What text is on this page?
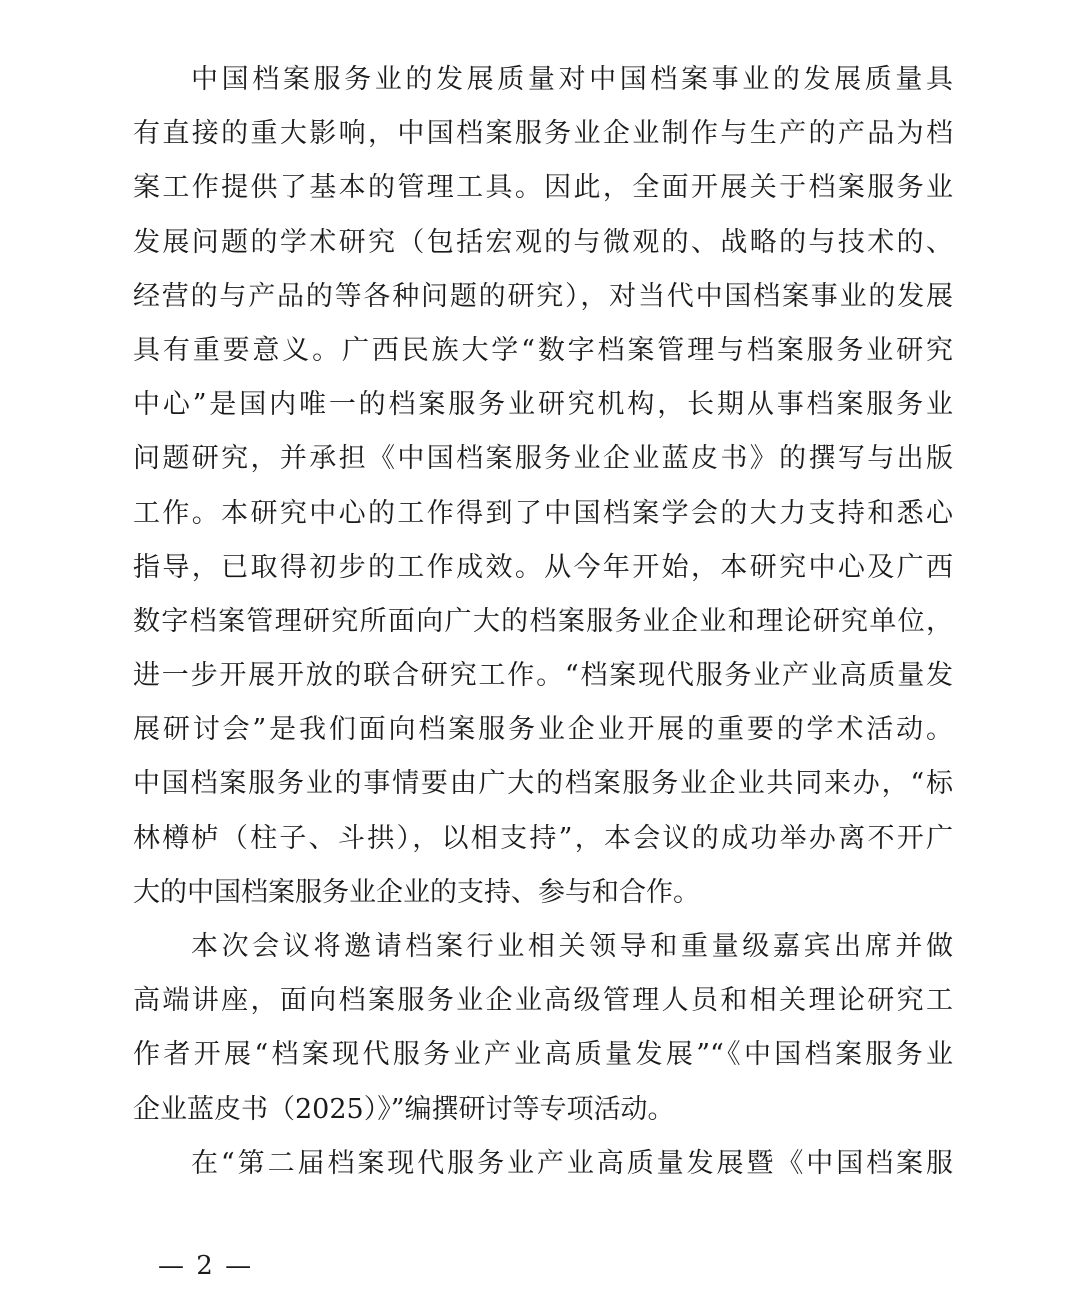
中国档案服务业的发展质量对中国档案事业的发展质量具
有直接的重大影响，中国档案服务业企业制作与生产的产品为档
案工作提供了基本的管理工具。因此，全面开展关于档案服务业
发展问题的学术研究（包括宏观的与微观的、战略的与技术的、
经营的与产品的等各种问题的研究），对当代中国档案事业的发展
具有重要意义。广西民族大学“数字档案管理与档案服务业研究
中心”是国内唯一的档案服务业研究机构，长期从事档案服务业
问题研究，并承担《中国档案服务业企业蓝皮书》的撰写与出版
工作。本研究中心的工作得到了中国档案学会的大力支持和悉心
指导，已取得初步的工作成效。从今年开始，本研究中心及广西
数字档案管理研究所面向广大的档案服务业企业和理论研究单位，
进一步开展开放的联合研究工作。“档案现代服务业产业高质量发
展研讨会”是我们面向档案服务业企业开展的重要的学术活动。
中国档案服务业的事情要由广大的档案服务业企业共同来办，“标
林樽栌（柱子、斗拱），以相支持”，本会议的成功举办离不开广
大的中国档案服务业企业的支持、参与和合作。
本次会议将邀请档案行业相关领导和重量级嘉宾出席并做
高端讲座，面向档案服务业企业高级管理人员和相关理论研究工
作者开展“档案现代服务业产业高质量发展”“《中国档案服务业
企业蓝皮书（2025）》”编撰研讨等专项活动。
在“第二届档案现代服务业产业高质量发展暨《中国档案服
— 2 —
